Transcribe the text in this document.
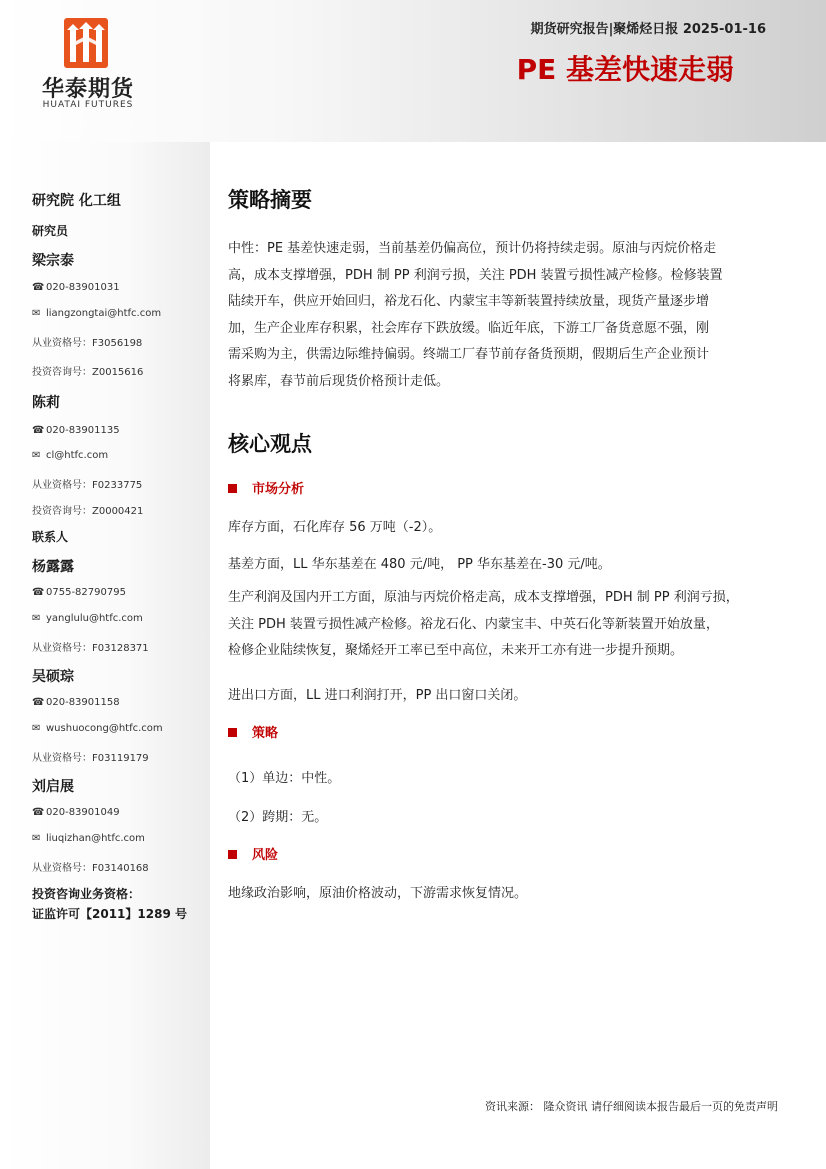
华泰期货
HUATAI FUTURES
期货研究报告|聚烯烃日报 2025-01-16
PE 基差快速走弱
研究院 化工组
研究员
梁宗泰
☎ 020-83901031
✉ liangzongtai@htfc.com
从业资格号：F3056198
投资咨询号：Z0015616
陈莉
☎ 020-83901135
✉ cl@htfc.com
从业资格号：F0233775
投资咨询号：Z0000421
联系人
杨露露
☎ 0755-82790795
✉ yanglulu@htfc.com
从业资格号：F03128371
吴硕琮
☎ 020-83901158
✉ wushuocong@htfc.com
从业资格号：F03119179
刘启展
☎ 020-83901049
✉ liuqizhan@htfc.com
从业资格号：F03140168
投资咨询业务资格：
证监许可【2011】1289 号
策略摘要
中性：PE 基差快速走弱，当前基差仍偏高位，预计仍将持续走弱。原油与丙烷价格走
高，成本支撑增强，PDH 制 PP 利润亏损，关注 PDH 装置亏损性减产检修。检修装置
陆续开车，供应开始回归，裕龙石化、内蒙宝丰等新装置持续放量，现货产量逐步增
加，生产企业库存积累，社会库存下跌放缓。临近年底，下游工厂备货意愿不强，刚
需采购为主，供需边际维持偏弱。终端工厂春节前存备货预期，假期后生产企业预计
将累库，春节前后现货价格预计走低。
核心观点
市场分析
库存方面，石化库存 56 万吨（-2）。
基差方面，LL 华东基差在 480 元/吨， PP 华东基差在-30 元/吨。
生产利润及国内开工方面，原油与丙烷价格走高，成本支撑增强，PDH 制 PP 利润亏损，
关注 PDH 装置亏损性减产检修。裕龙石化、内蒙宝丰、中英石化等新装置开始放量，
检修企业陆续恢复，聚烯烃开工率已至中高位，未来开工亦有进一步提升预期。
进出口方面，LL 进口利润打开，PP 出口窗口关闭。
策略
（1）单边：中性。
（2）跨期：无。
风险
地缘政治影响，原油价格波动，下游需求恢复情况。
资讯来源： 隆众资讯 请仔细阅读本报告最后一页的免责声明
